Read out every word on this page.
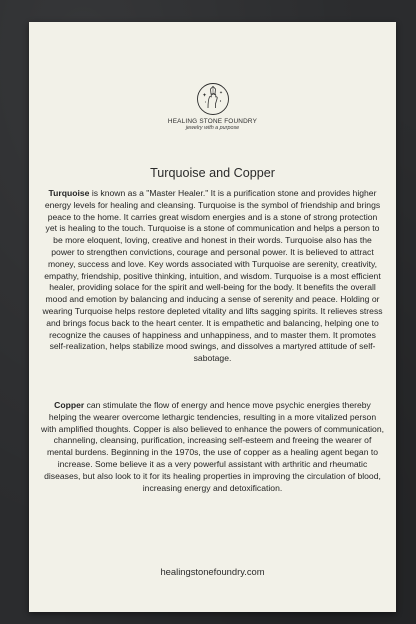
HEALING STONE FOUNDRY
jewelry with a purpose
Turquoise and Copper

Turquoise is known as a "Master Healer." It is a purification stone and provides higher energy levels for healing and cleansing. Turquoise is the symbol of friendship and brings peace to the home. It carries great wisdom energies and is a stone of strong protection yet is healing to the touch. Turquoise is a stone of communication and helps a person to be more eloquent, loving, creative and honest in their words. Turquoise also has the power to strengthen convictions, courage and personal power. It is believed to attract money, success and love. Key words associated with Turquoise are serenity, creativity, empathy, friendship, positive thinking, intuition, and wisdom. Turquoise is a most efficient healer, providing solace for the spirit and well-being for the body. It benefits the overall mood and emotion by balancing and inducing a sense of serenity and peace. Holding or wearing Turquoise helps restore depleted vitality and lifts sagging spirits. It relieves stress and brings focus back to the heart center. It is empathetic and balancing, helping one to recognize the causes of happiness and unhappiness, and to master them. It promotes self-realization, helps stabilize mood swings, and dissolves a martyred attitude of self-sabotage.

Copper can stimulate the flow of energy and hence move psychic energies thereby helping the wearer overcome lethargic tendencies, resulting in a more vitalized person with amplified thoughts. Copper is also believed to enhance the powers of communication, channeling, cleansing, purification, increasing self-esteem and freeing the wearer of mental burdens. Beginning in the 1970s, the use of copper as a healing agent began to increase. Some believe it as a very powerful assistant with arthritic and rheumatic diseases, but also look to it for its healing properties in improving the circulation of blood, increasing energy and detoxification.

healingstonefoundry.com
